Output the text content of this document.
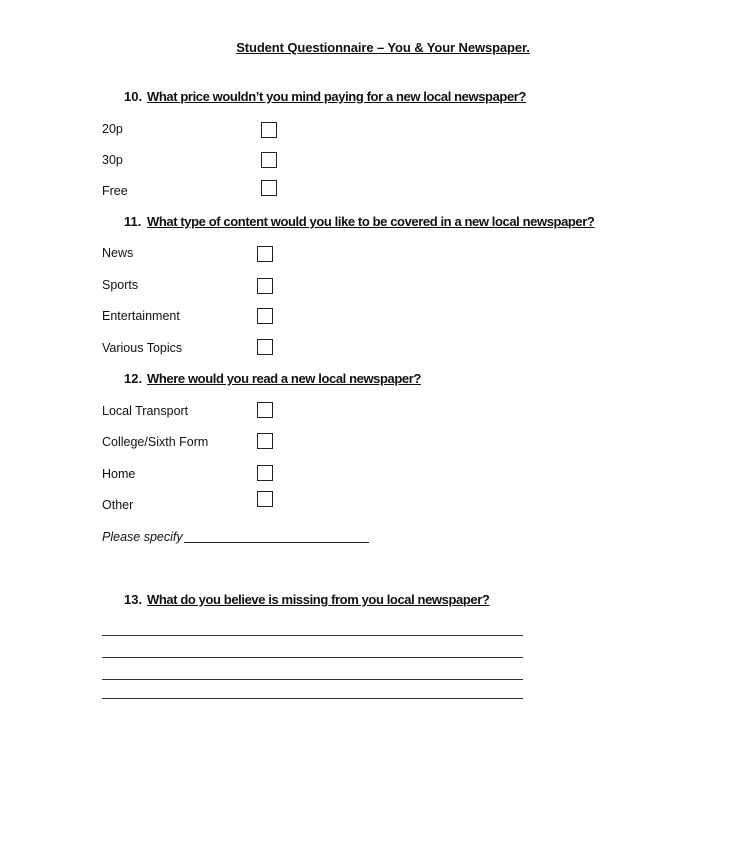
Student Questionnaire – You & Your Newspaper.
10. What price wouldn’t you mind paying for a new local newspaper?
20p
30p
Free
11. What type of content would you like to be covered in a new local newspaper?
News
Sports
Entertainment
Various Topics
12. Where would you read a new local newspaper?
Local Transport
College/Sixth Form
Home
Other
Please specify
13. What do you believe is missing from you local newspaper?
